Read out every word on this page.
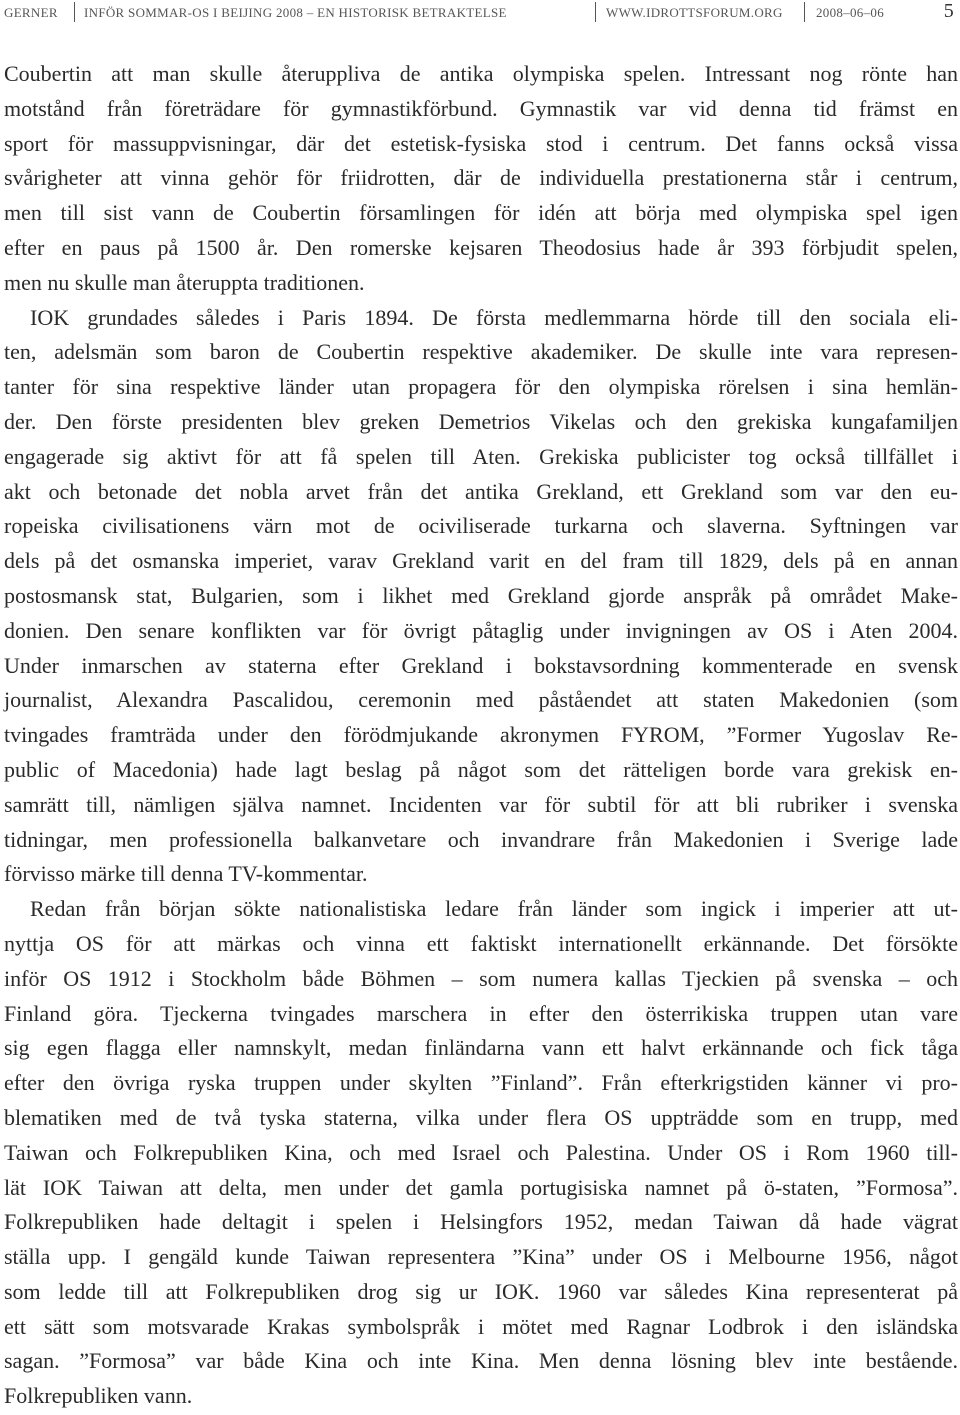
GERNER INFÖR SOMMAR-OS I BEIJING 2008 – EN HISTORISK BETRAKTELSE	WWW.IDROTTSFORUM.ORG	2008–06–06	5

Coubertin att man skulle återuppliva de antika olympiska spelen. Intressant nog rönte han
motstånd från företrädare för gymnastikförbund. Gymnastik var vid denna tid främst en
sport för massuppvisningar, där det estetisk-fysiska stod i centrum. Det fanns också vissa
svårigheter att vinna gehör för friidrotten, där de individuella prestationerna står i centrum,
men till sist vann de Coubertin församlingen för idén att börja med olympiska spel igen
efter en paus på 1500 år. Den romerske kejsaren Theodosius hade år 393 förbjudit spelen,
men nu skulle man återuppta traditionen.

IOK grundades således i Paris 1894. De första medlemmarna hörde till den sociala eli-
ten, adelsmän som baron de Coubertin respektive akademiker. De skulle inte vara represen-
tanter för sina respektive länder utan propagera för den olympiska rörelsen i sina hemlän-
der. Den förste presidenten blev greken Demetrios Vikelas och den grekiska kungafamiljen
engagerade sig aktivt för att få spelen till Aten. Grekiska publicister tog också tillfället i
akt och betonade det nobla arvet från det antika Grekland, ett Grekland som var den eu-
ropeiska civilisationens värn mot de ociviliserade turkarna och slaverna. Syftningen var
dels på det osmanska imperiet, varav Grekland varit en del fram till 1829, dels på en annan
postosmansk stat, Bulgarien, som i likhet med Grekland gjorde anspråk på området Make-
donien. Den senare konflikten var för övrigt påtaglig under invigningen av OS i Aten 2004.
Under inmarschen av staterna efter Grekland i bokstavsordning kommenterade en svensk
journalist, Alexandra Pascalidou, ceremonin med påståendet att staten Makedonien (som
tvingades framträda under den förödmjukande akronymen FYROM, ”Former Yugoslav Re-
public of Macedonia) hade lagt beslag på något som det rätteligen borde vara grekisk en-
samrätt till, nämligen själva namnet. Incidenten var för subtil för att bli rubriker i svenska
tidningar, men professionella balkanvetare och invandrare från Makedonien i Sverige lade
förvisso märke till denna TV-kommentar.

Redan från början sökte nationalistiska ledare från länder som ingick i imperier att ut-
nyttja OS för att märkas och vinna ett faktiskt internationellt erkännande. Det försökte
inför OS 1912 i Stockholm både Böhmen – som numera kallas Tjeckien på svenska – och
Finland göra. Tjeckerna tvingades marschera in efter den österrikiska truppen utan vare
sig egen flagga eller namnskylt, medan finländarna vann ett halvt erkännande och fick tåga
efter den övriga ryska truppen under skylten ”Finland”. Från efterkrigstiden känner vi pro-
blematiken med de två tyska staterna, vilka under flera OS uppträdde som en trupp, med
Taiwan och Folkrepubliken Kina, och med Israel och Palestina. Under OS i Rom 1960 till-
lät IOK Taiwan att delta, men under det gamla portugisiska namnet på ö-staten, ”Formosa”.
Folkrepubliken hade deltagit i spelen i Helsingfors 1952, medan Taiwan då hade vägrat
ställa upp. I gengäld kunde Taiwan representera ”Kina” under OS i Melbourne 1956, något
som ledde till att Folkrepubliken drog sig ur IOK. 1960 var således Kina representerat på
ett sätt som motsvarade Krakas symbolspråk i mötet med Ragnar Lodbrok i den isländska
sagan. ”Formosa” var både Kina och inte Kina. Men denna lösning blev inte bestående.
Folkrepubliken vann.
